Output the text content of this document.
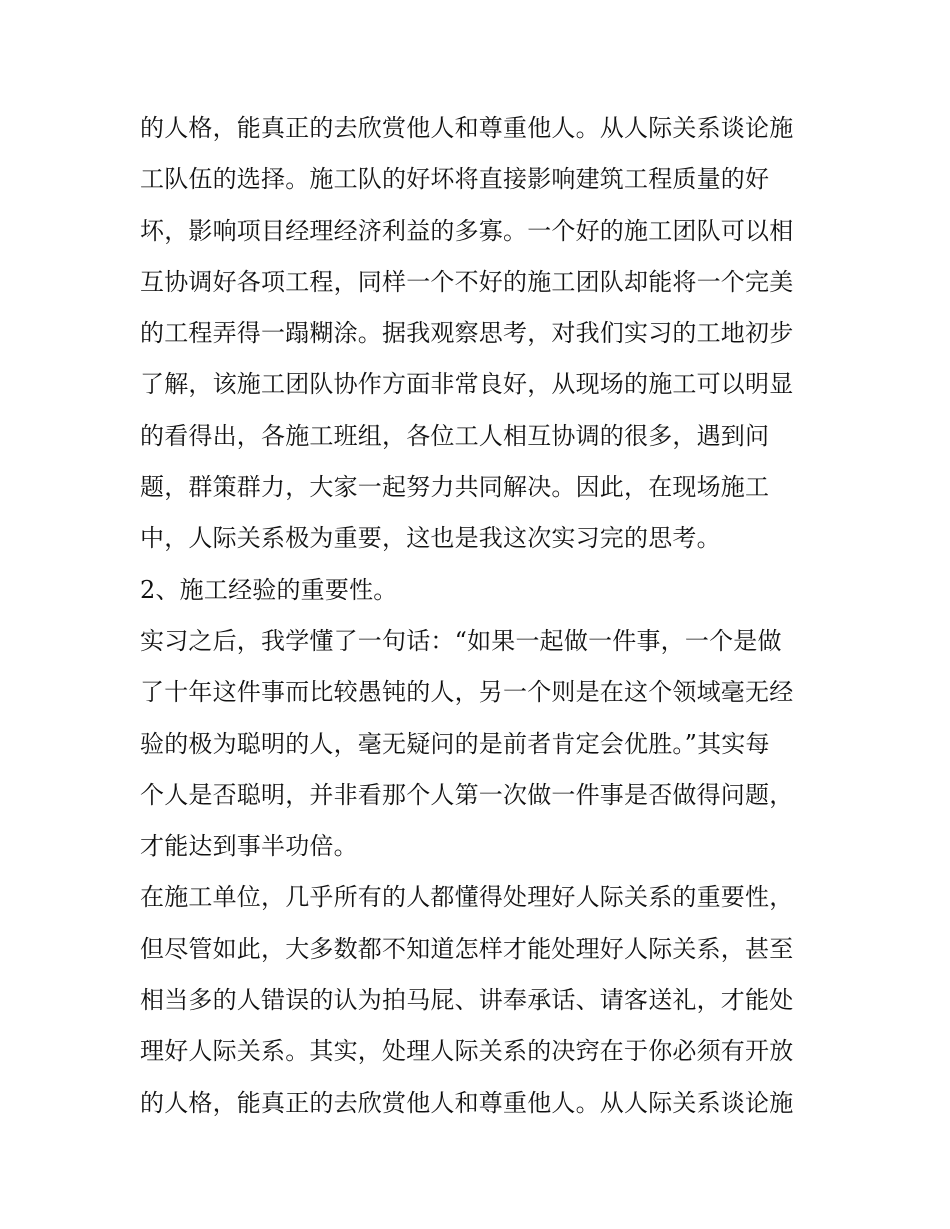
的人格，能真正的去欣赏他人和尊重他人。从人际关系谈论施
工队伍的选择。施工队的好坏将直接影响建筑工程质量的好
坏，影响项目经理经济利益的多寡。一个好的施工团队可以相
互协调好各项工程，同样一个不好的施工团队却能将一个完美
的工程弄得一蹋糊涂。据我观察思考，对我们实习的工地初步
了解，该施工团队协作方面非常良好，从现场的施工可以明显
的看得出，各施工班组，各位工人相互协调的很多，遇到问
题，群策群力，大家一起努力共同解决。因此，在现场施工
中，人际关系极为重要，这也是我这次实习完的思考。
2、施工经验的重要性。
实习之后，我学懂了一句话：“如果一起做一件事，一个是做
了十年这件事而比较愚钝的人，另一个则是在这个领域毫无经
验的极为聪明的人，毫无疑问的是前者肯定会优胜。”其实每
个人是否聪明，并非看那个人第一次做一件事是否做得问题，
才能达到事半功倍。
在施工单位，几乎所有的人都懂得处理好人际关系的重要性，
但尽管如此，大多数都不知道怎样才能处理好人际关系，甚至
相当多的人错误的认为拍马屁、讲奉承话、请客送礼，才能处
理好人际关系。其实，处理人际关系的决窍在于你必须有开放
的人格，能真正的去欣赏他人和尊重他人。从人际关系谈论施
